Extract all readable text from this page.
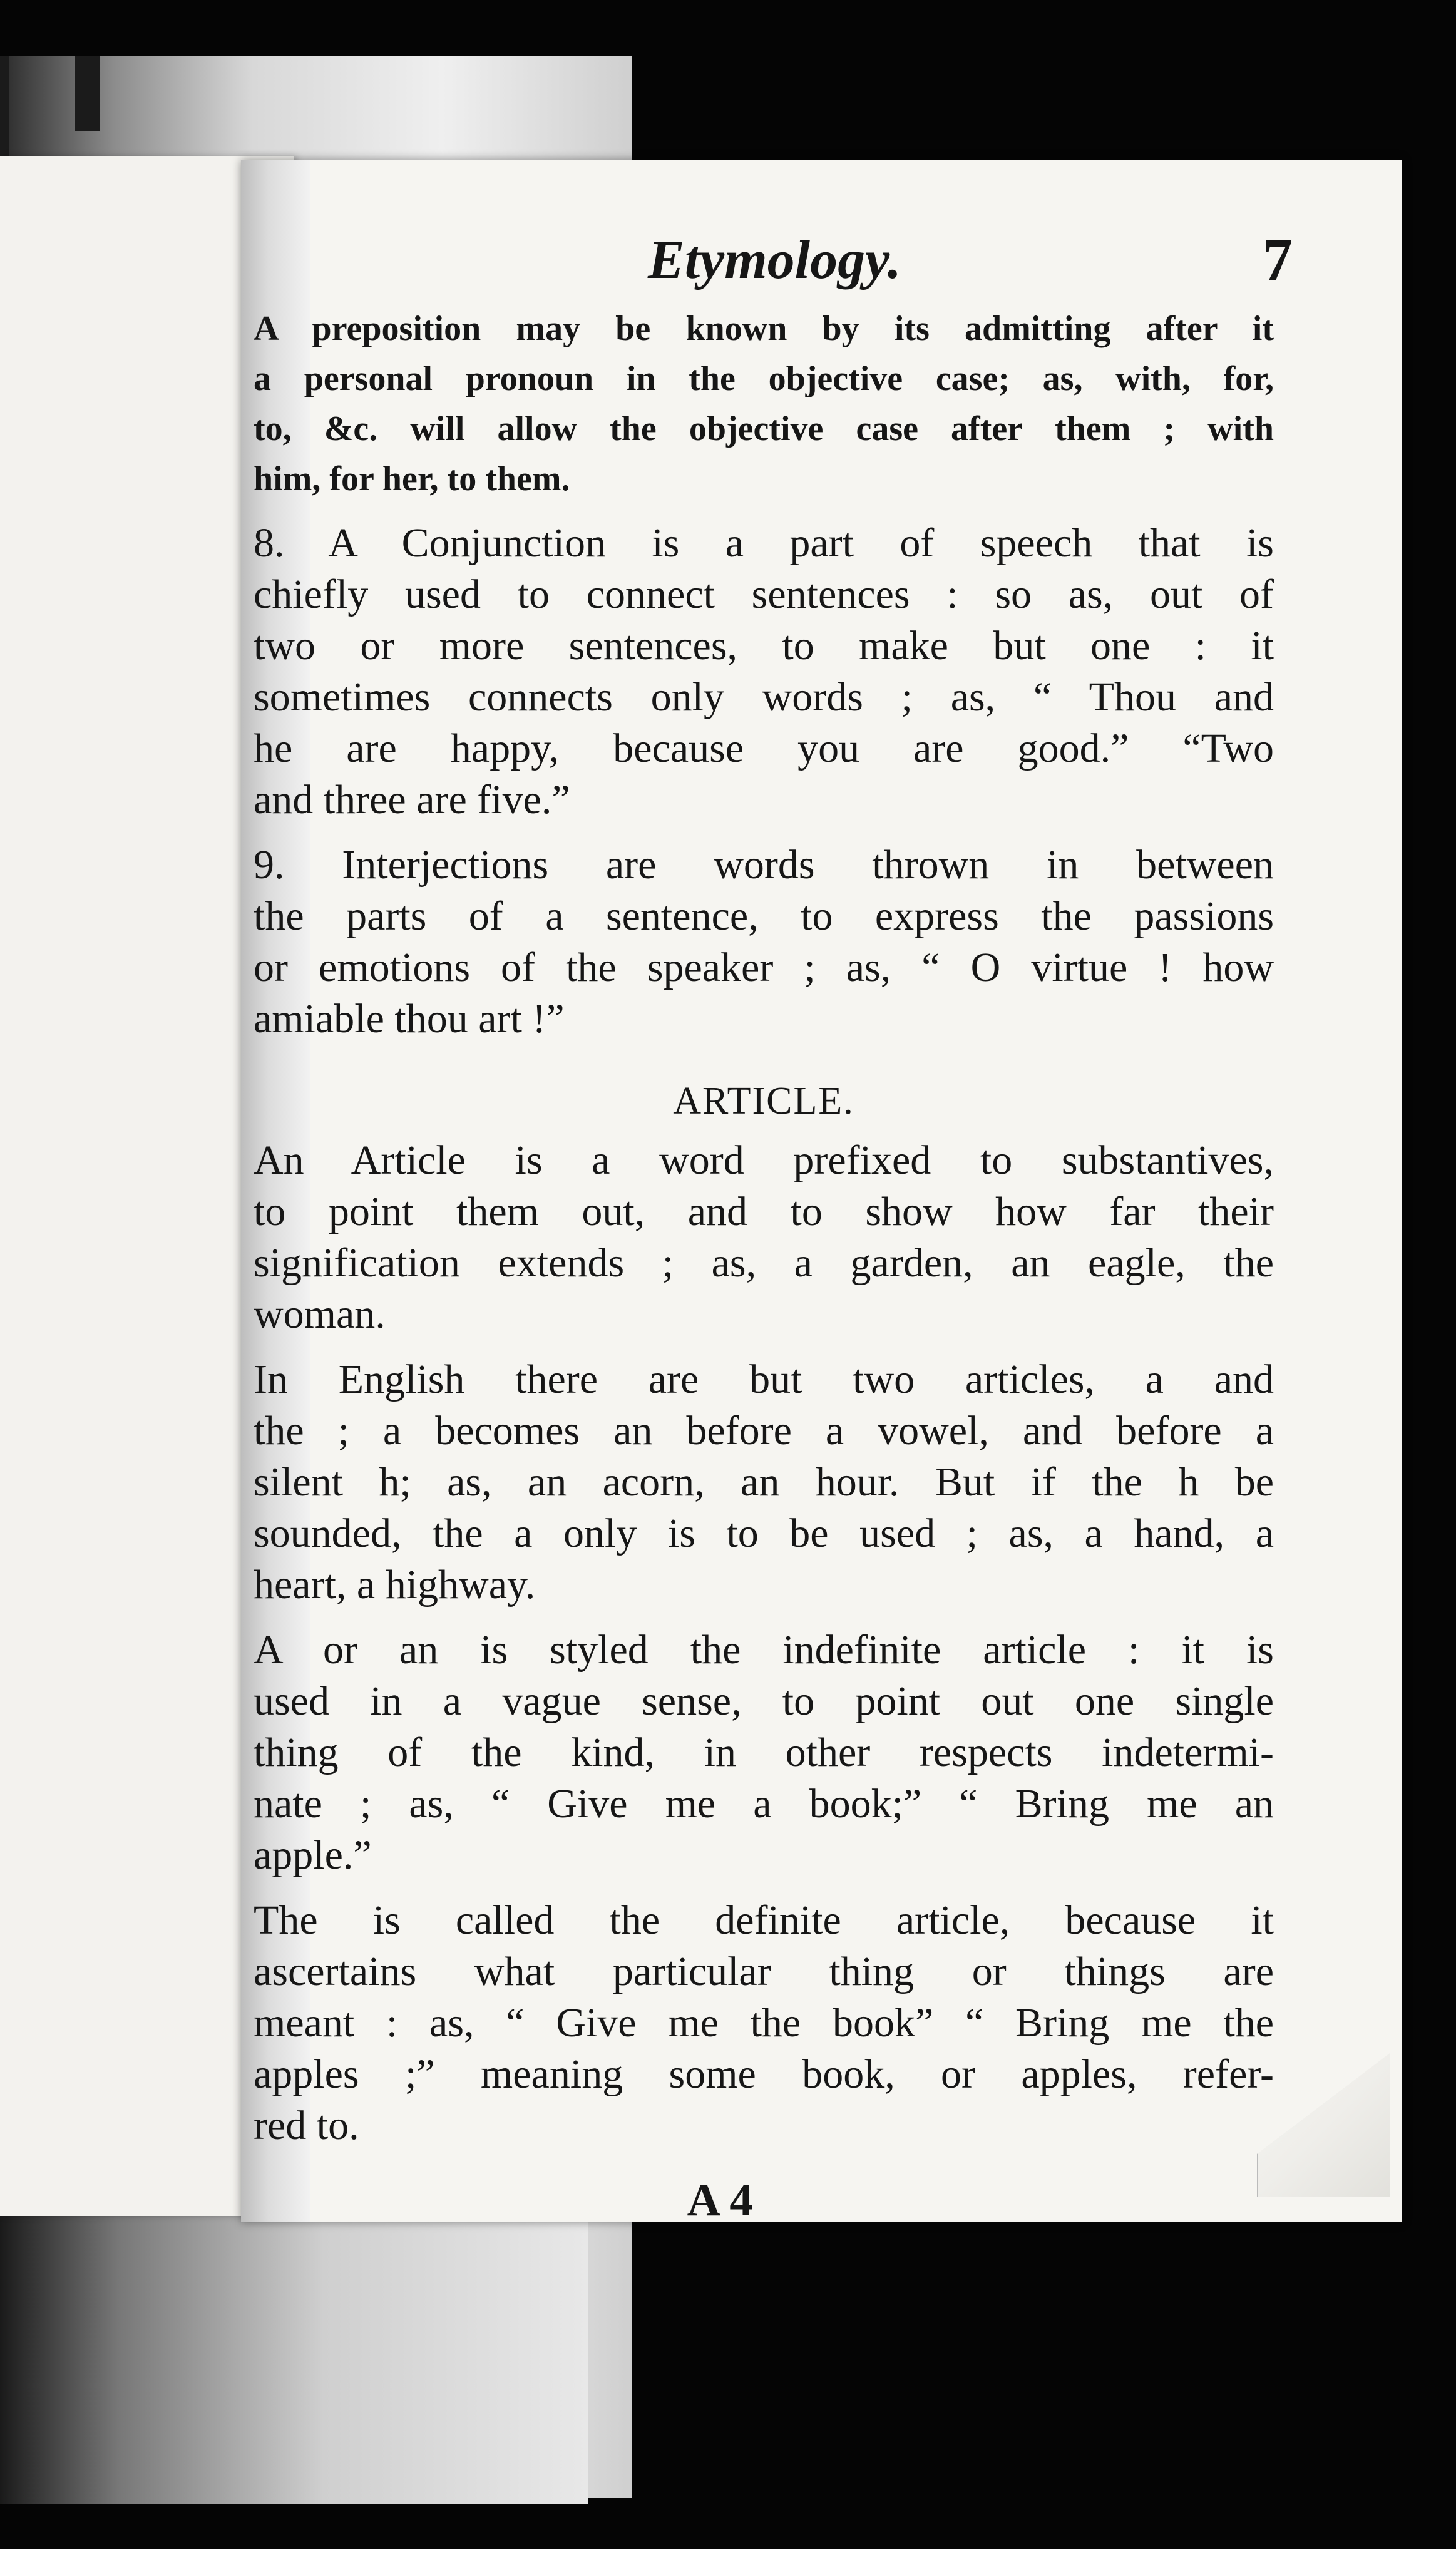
Etymology.	7
A preposition may be known by its admitting after it
a personal pronoun in the objective case; as, with, for,
to, &c. will allow the objective case after them ; with
him, for her, to them.
8. A Conjunction is a part of speech that is
chiefly used to connect sentences : so as, out of
two or more sentences, to make but one : it
sometimes connects only words ; as, “ Thou and
he are happy, because you are good.” “Two
and three are five.”
9. Interjections are words thrown in between
the parts of a sentence, to express the passions
or emotions of the speaker ; as, “ O virtue ! how
amiable thou art !”
ARTICLE.
An Article is a word prefixed to substantives,
to point them out, and to show how far their
signification extends ; as, a garden, an eagle, the
woman.
In English there are but two articles, a and
the ; a becomes an before a vowel, and before a
silent h; as, an acorn, an hour. But if the h be
sounded, the a only is to be used ; as, a hand, a
heart, a highway.
A or an is styled the indefinite article : it is
used in a vague sense, to point out one single
thing of the kind, in other respects indetermi-
nate ; as, “ Give me a book;” “ Bring me an
apple.”
The is called the definite article, because it
ascertains what particular thing or things are
meant : as, “ Give me the book” “ Bring me the
apples ;” meaning some book, or apples, refer-
red to.
A 4
